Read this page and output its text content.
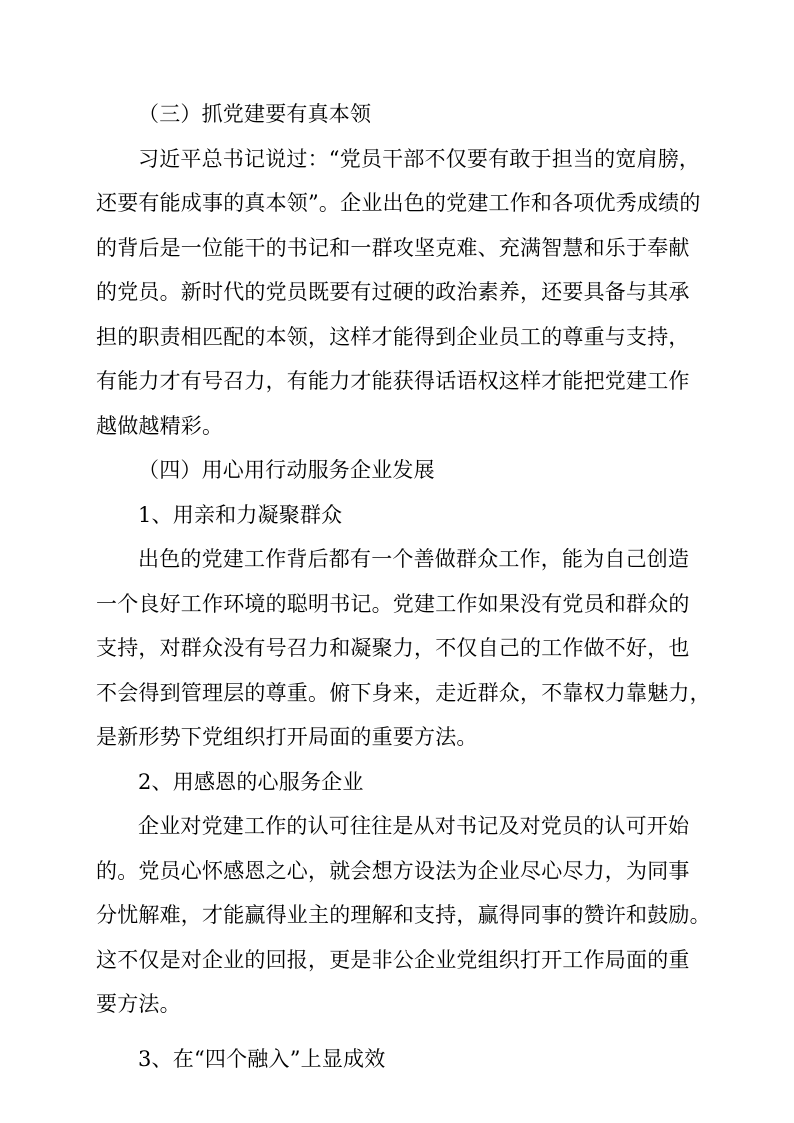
（三）抓党建要有真本领
习近平总书记说过：“党员干部不仅要有敢于担当的宽肩膀，
还要有能成事的真本领”。企业出色的党建工作和各项优秀成绩的
的背后是一位能干的书记和一群攻坚克难、充满智慧和乐于奉献
的党员。新时代的党员既要有过硬的政治素养，还要具备与其承
担的职责相匹配的本领，这样才能得到企业员工的尊重与支持，
有能力才有号召力，有能力才能获得话语权这样才能把党建工作
越做越精彩。
（四）用心用行动服务企业发展
1、用亲和力凝聚群众
出色的党建工作背后都有一个善做群众工作，能为自己创造
一个良好工作环境的聪明书记。党建工作如果没有党员和群众的
支持，对群众没有号召力和凝聚力，不仅自己的工作做不好，也
不会得到管理层的尊重。俯下身来，走近群众，不靠权力靠魅力，
是新形势下党组织打开局面的重要方法。
2、用感恩的心服务企业
企业对党建工作的认可往往是从对书记及对党员的认可开始
的。党员心怀感恩之心，就会想方设法为企业尽心尽力，为同事
分忧解难，才能赢得业主的理解和支持，赢得同事的赞许和鼓励。
这不仅是对企业的回报，更是非公企业党组织打开工作局面的重
要方法。
3、在“四个融入”上显成效
